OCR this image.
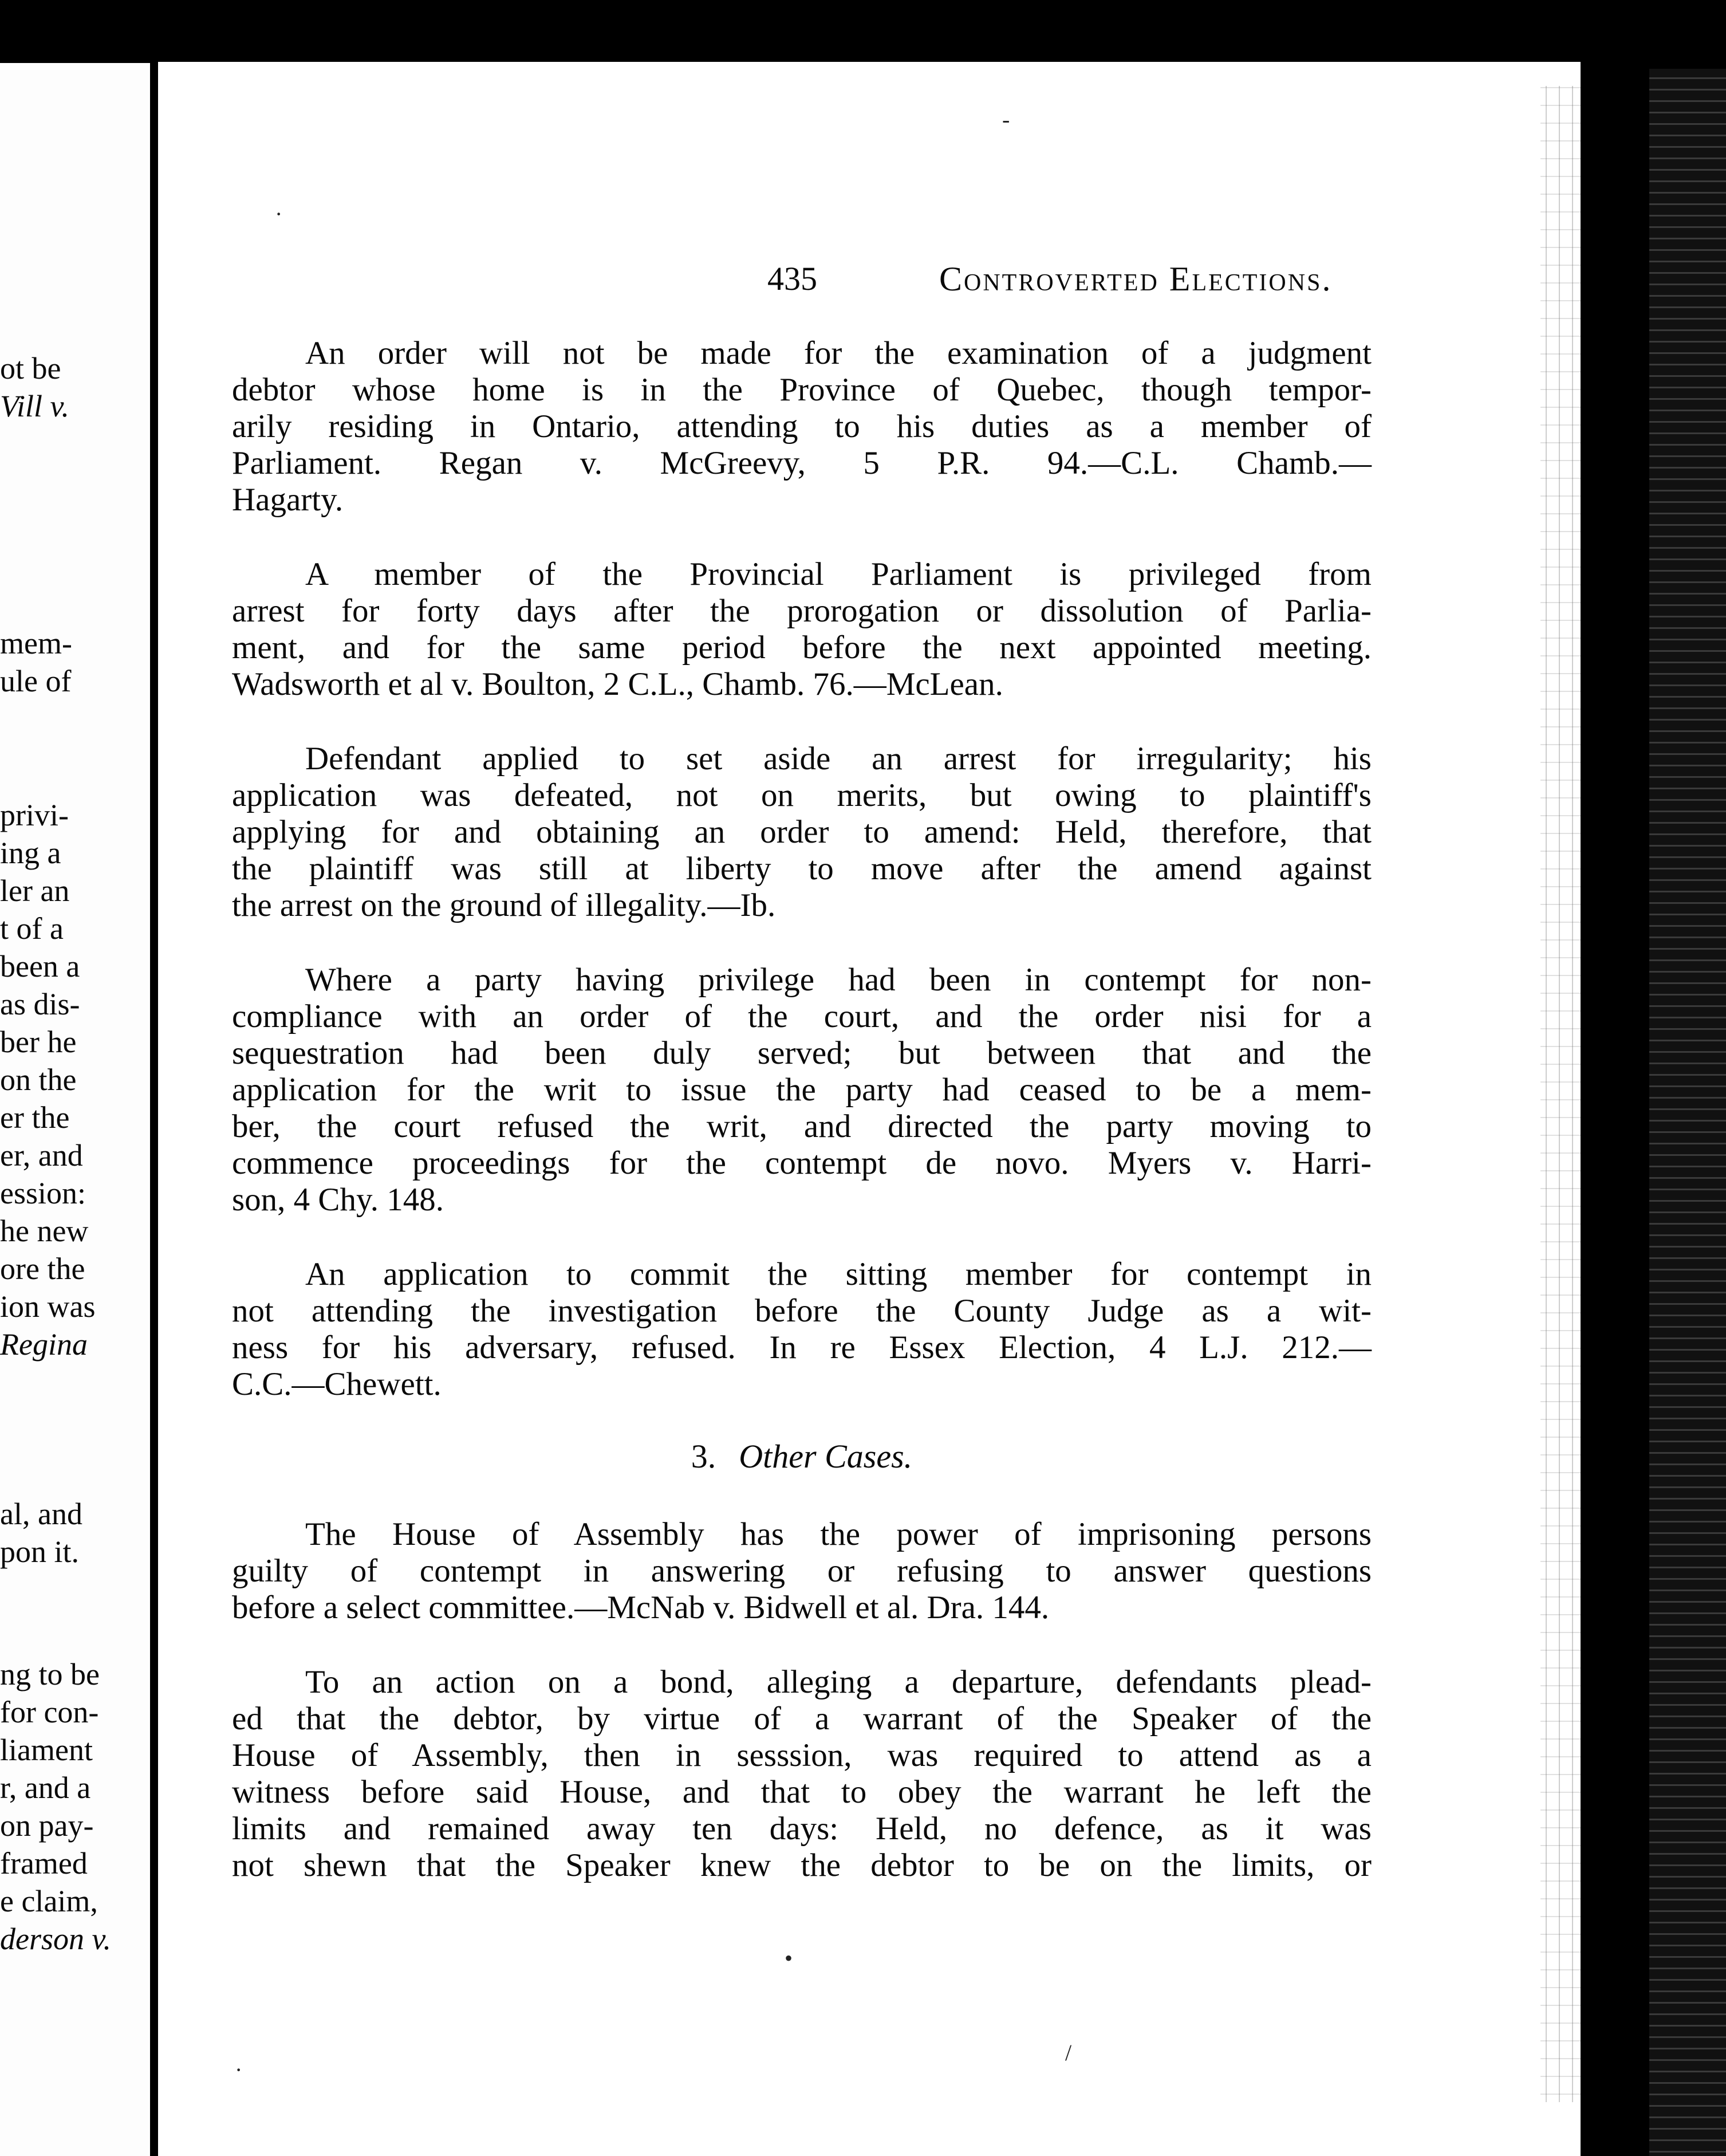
ot be
Vill v.
mem-
ule of
privi-
ing a
ler an
t of a
been a
as dis-
ber he
on the
er the
er, and
ession:
he new
ore the
ion was
Regina
al, and
pon it.
ng to be
for con-
liament
r, and a
on pay-
framed
e claim,
derson v.
435	Controverted Elections.
An order will not be made for the examination of a judgment
debtor whose home is in the Province of Quebec, though tempor-
arily residing in Ontario, attending to his duties as a member of
Parliament. Regan v. McGreevy, 5 P.R. 94.—C.L. Chamb.—
Hagarty.
A member of the Provincial Parliament is privileged from
arrest for forty days after the prorogation or dissolution of Parlia-
ment, and for the same period before the next appointed meeting.
Wadsworth et al v. Boulton, 2 C.L., Chamb. 76.—McLean.
Defendant applied to set aside an arrest for irregularity; his
application was defeated, not on merits, but owing to plaintiff's
applying for and obtaining an order to amend: Held, therefore, that
the plaintiff was still at liberty to move after the amend against
the arrest on the ground of illegality.—Ib.
Where a party having privilege had been in contempt for non-
compliance with an order of the court, and the order nisi for a
sequestration had been duly served; but between that and the
application for the writ to issue the party had ceased to be a mem-
ber, the court refused the writ, and directed the party moving to
commence proceedings for the contempt de novo. Myers v. Harri-
son, 4 Chy. 148.
An application to commit the sitting member for contempt in
not attending the investigation before the County Judge as a wit-
ness for his adversary, refused. In re Essex Election, 4 L.J. 212.—
C.C.—Chewett.
3. Other Cases.
The House of Assembly has the power of imprisoning persons
guilty of contempt in answering or refusing to answer questions
before a select committee.—McNab v. Bidwell et al. Dra. 144.
To an action on a bond, alleging a departure, defendants plead-
ed that the debtor, by virtue of a warrant of the Speaker of the
House of Assembly, then in sesssion, was required to attend as a
witness before said House, and that to obey the warrant he left the
limits and remained away ten days: Held, no defence, as it was
not shewn that the Speaker knew the debtor to be on the limits, or
-
·
•
/
·
